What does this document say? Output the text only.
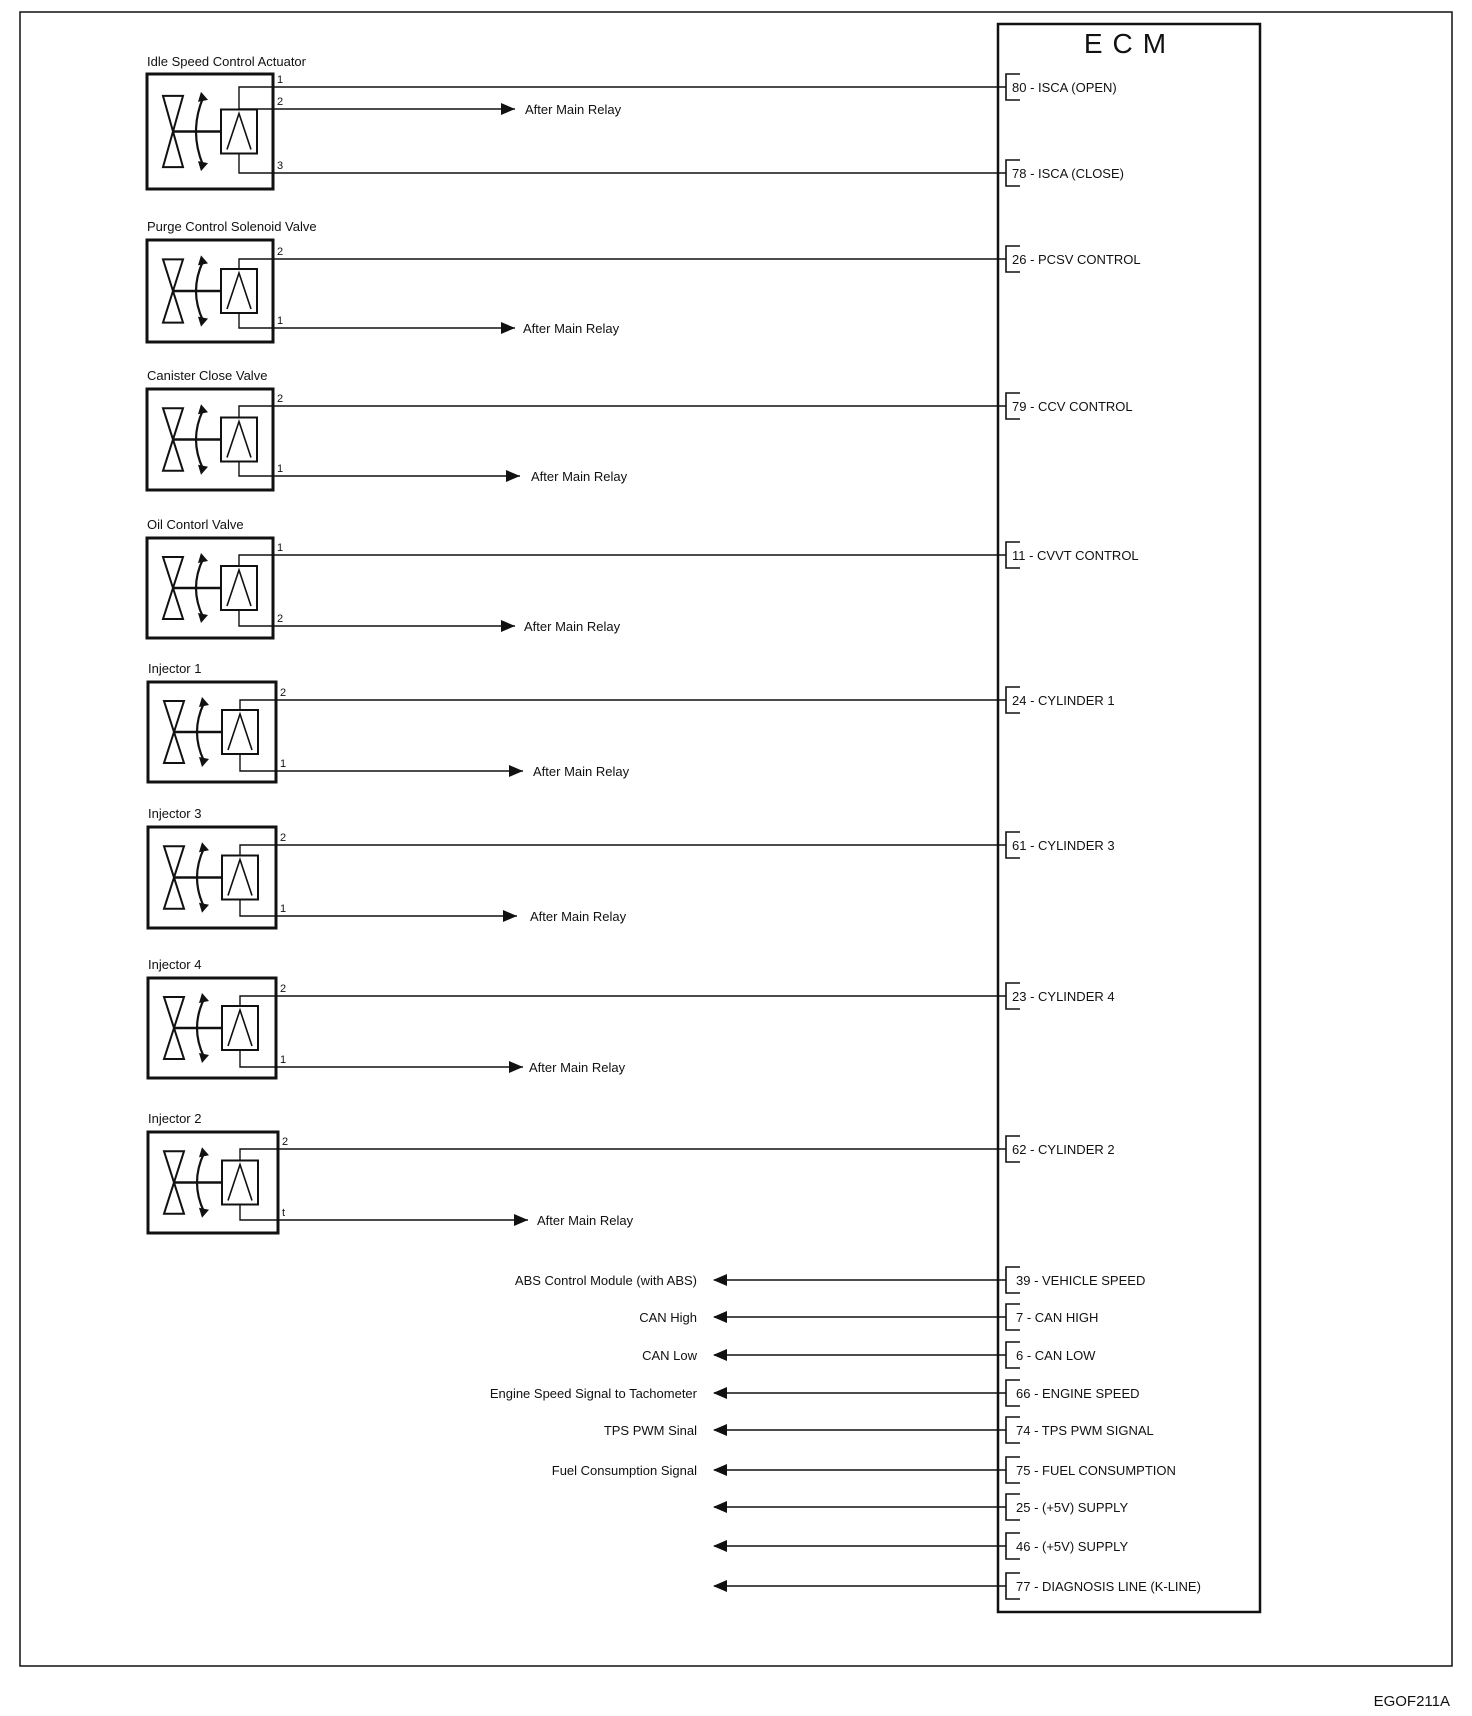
ECM
Idle Speed Control Actuator
1	80 - ISCA (OPEN)
2	After Main Relay
3	78 - ISCA (CLOSE)
Purge Control Solenoid Valve
2	26 - PCSV CONTROL
1	After Main Relay
Canister Close Valve
2	79 - CCV CONTROL
1	After Main Relay
Oil Contorl Valve
1	11 - CVVT CONTROL
2	After Main Relay
Injector 1
2	24 - CYLINDER 1
1	After Main Relay
Injector 3
2	61 - CYLINDER 3
1	After Main Relay
Injector 4
2	23 - CYLINDER 4
1	After Main Relay
Injector 2
2	62 - CYLINDER 2
t	After Main Relay
39 - VEHICLE SPEED
ABS Control Module (with ABS)
7 - CAN HIGH
CAN High
6 - CAN LOW
CAN Low
66 - ENGINE SPEED
Engine Speed Signal to Tachometer
74 - TPS PWM SIGNAL
TPS PWM Sinal
75 - FUEL CONSUMPTION
Fuel Consumption Signal
25 - (+5V) SUPPLY
46 - (+5V) SUPPLY
77 - DIAGNOSIS LINE (K-LINE)
EGOF211A
